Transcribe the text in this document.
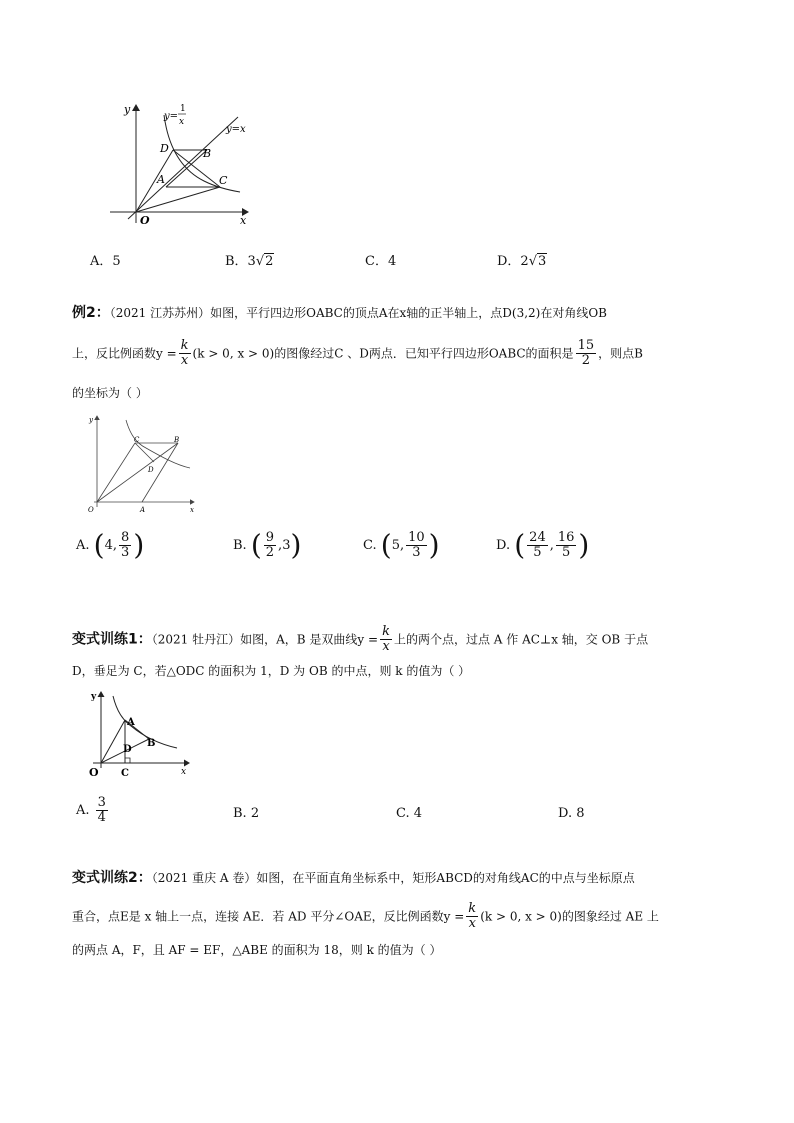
y
x
O
y=
1
x
y=x
D	B
A	C
A．5	B．3√2	C．4	D．2√3
例2：（2021 江苏苏州）如图，平行四边形OABC的顶点A在x轴的正半轴上，点D(3,2)在对角线OB
上，反比例函数$y = \frac{k}{x} (k > 0$, x > 0)的图像经过C 、D两点．已知平行四边形OABC的面积是 $\frac{15}{2}$ ，则点B
的坐标为（ ）
y
x
O	A
B
C
D
A. (4, $\frac{8}{3}$ )	B. ( $\frac{9}{2} ,3$)	C. (5, $\frac{10}{3}$ )	D. ( $\frac{24}{5}$ , $\frac{16}{5}$ )
变式训练1：（2021 牡丹江）如图，A，B 是双曲线$y = \frac{k}{x}$ 上的两个点，过点 A 作 AC⊥x 轴，交 OB 于点
D，垂足为 C，若△ODC 的面积为 1，D 为 OB 的中点，则 k 的值为（ ）
y
x
O
A
B
C
D
A. $\frac{3}{4}$	B. 2	C. 4	D. 8
变式训练2：（2021 重庆 A 卷）如图，在平面直角坐标系中，矩形ABCD的对角线AC的中点与坐标原点
重合，点E是 x 轴上一点，连接 AE．若 AD 平分∠OAE，反比例函数$y = \frac{k}{x} (k > 0$, x > 0)的图象经过 AE 上
的两点 A，F，且 AF = EF，△ABE 的面积为 18，则 k 的值为（ ）
